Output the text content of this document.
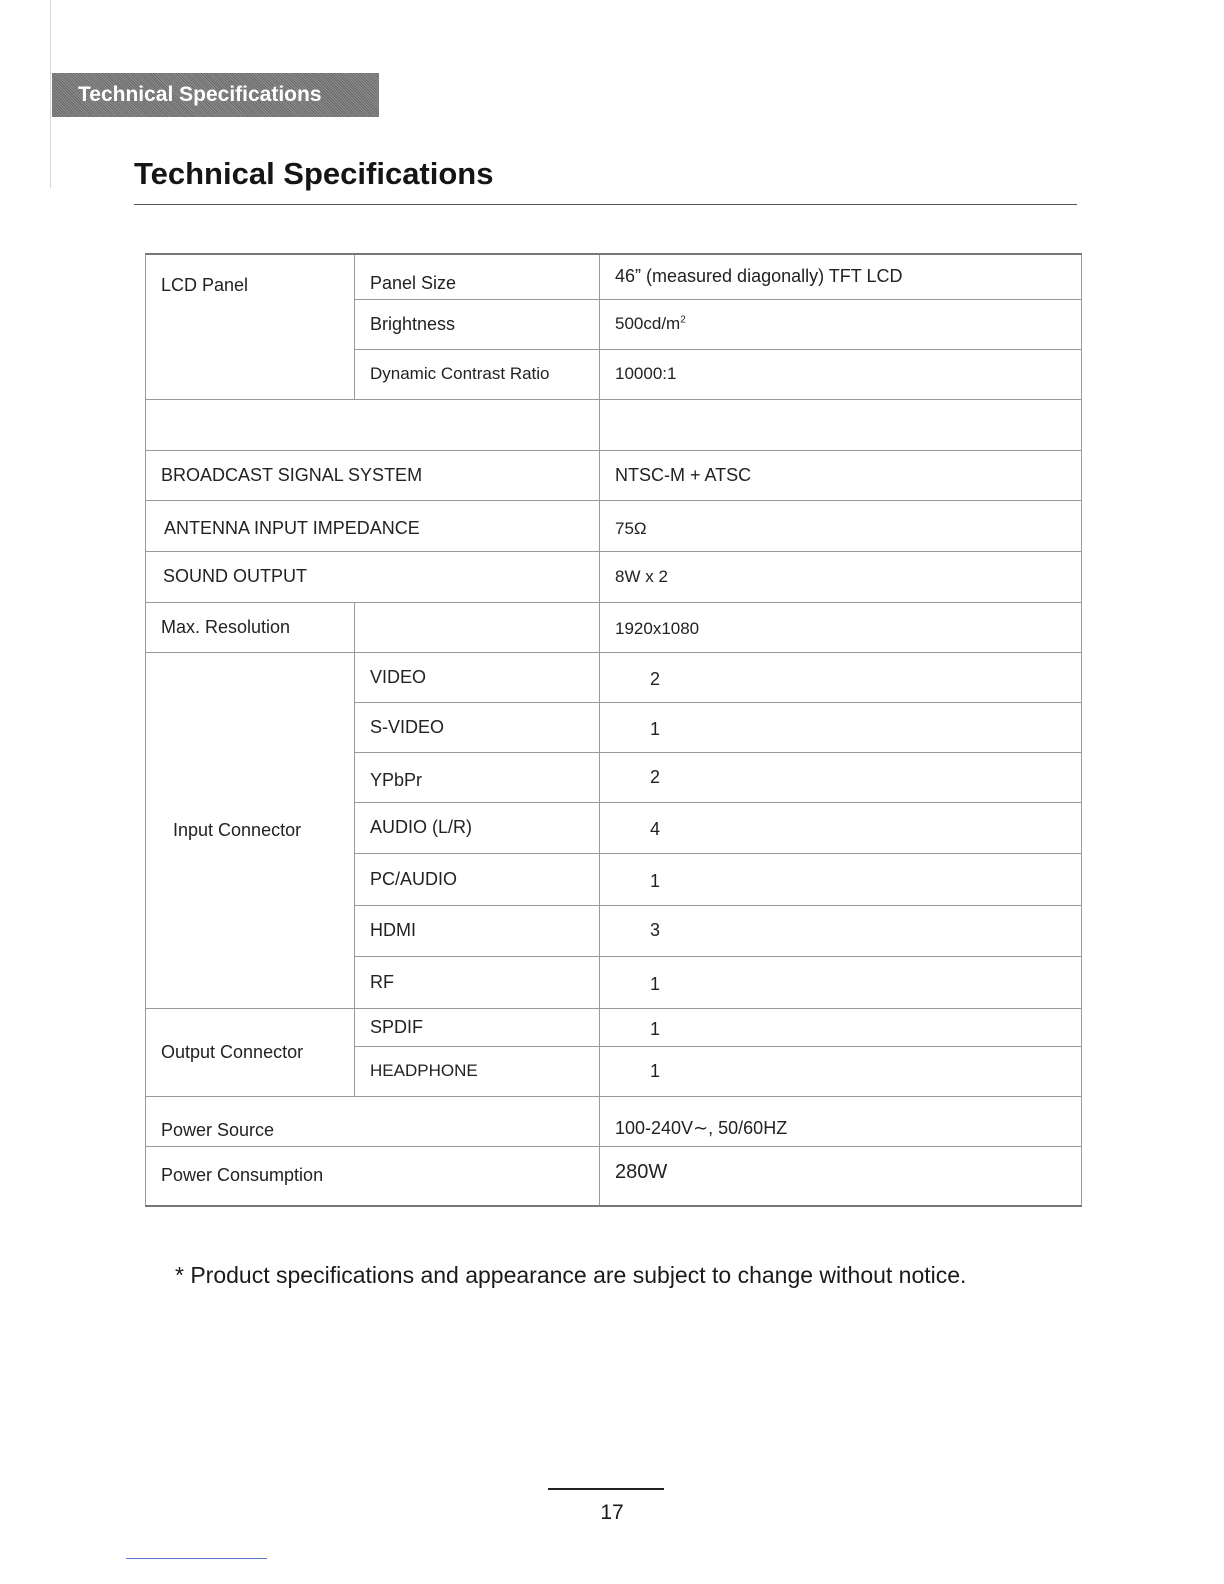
Technical Specifications
Technical Specifications
LCD Panel	Panel Size	46” (measured diagonally) TFT LCD
	Brightness	$500cd/m^2$
	Dynamic Contrast Ratio	10000:1

BROADCAST SIGNAL SYSTEM		NTSC-M + ATSC
ANTENNA INPUT IMPEDANCE		75Ω
SOUND OUTPUT		8W x 2
Max. Resolution		1920x1080
Input Connector	VIDEO	2
	S-VIDEO	1
	YPbPr	2
	AUDIO (L/R)	4
	PC/AUDIO	1
	HDMI	3
	RF	1
Output Connector	SPDIF	1
	HEADPHONE	1
Power Source		100-240V∼, 50/60HZ
Power Consumption		280W
* Product specifications and appearance are subject to change without notice.
17
